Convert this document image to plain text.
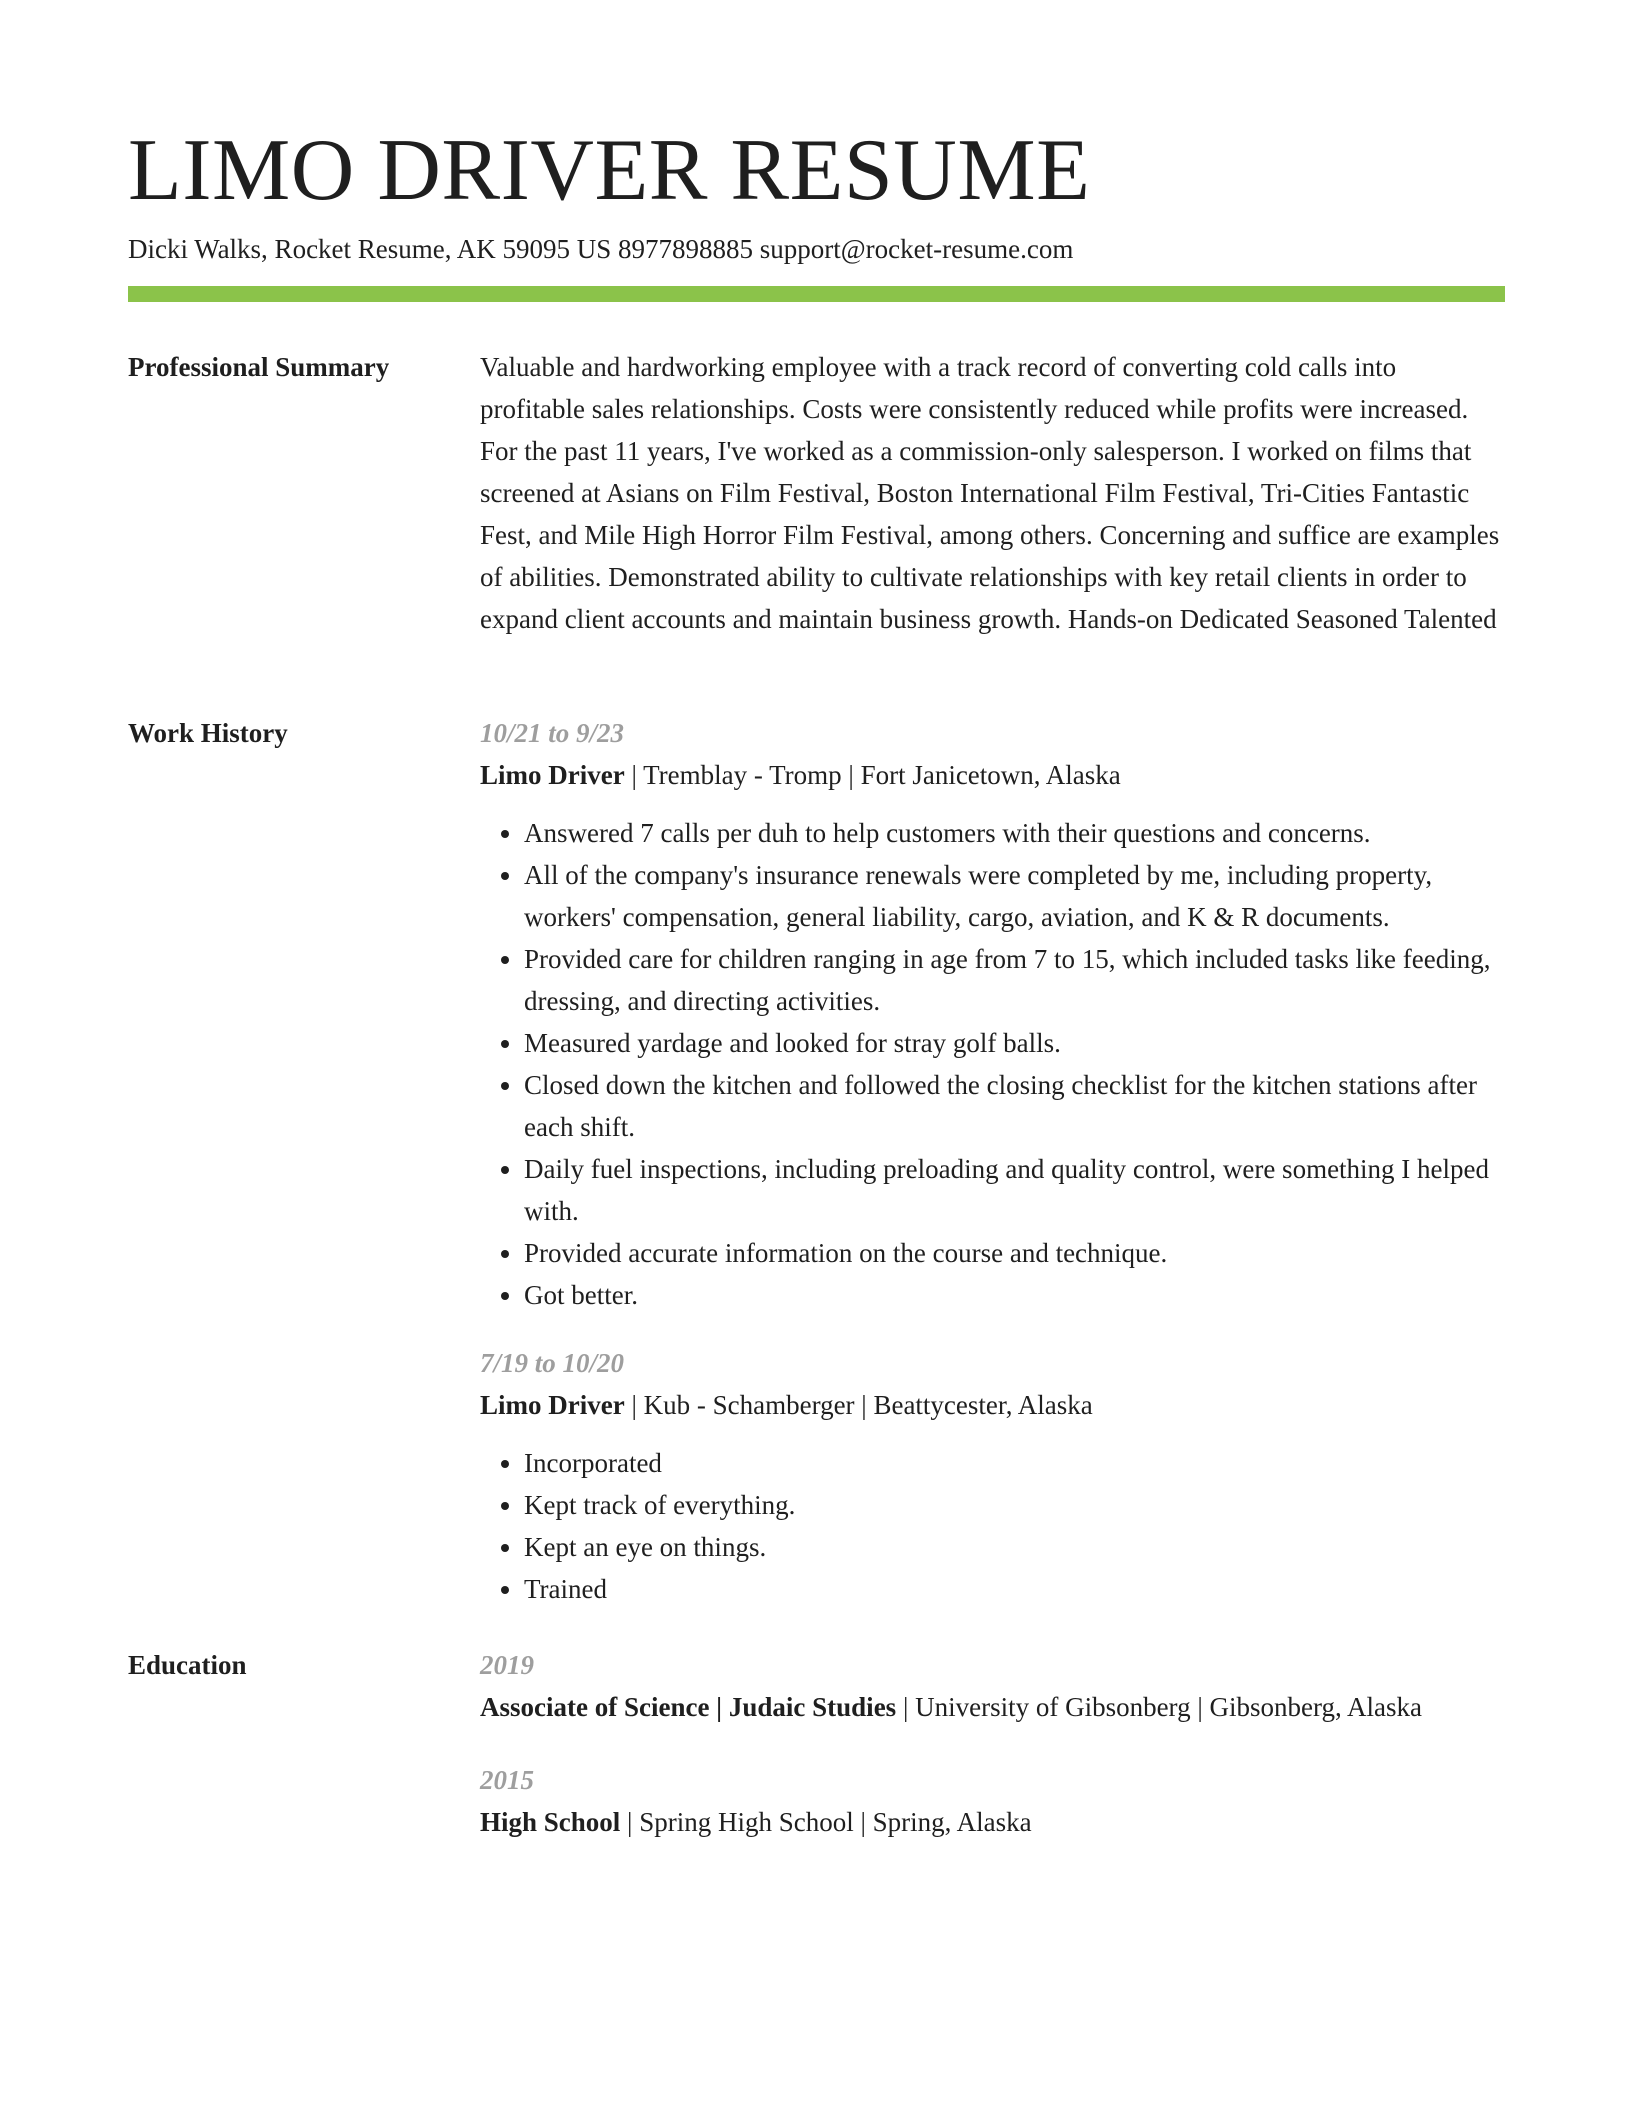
LIMO DRIVER RESUME
Dicki Walks, Rocket Resume, AK 59095 US 8977898885 support@rocket-resume.com
Professional Summary	Valuable and hardworking employee with a track record of converting cold calls into profitable sales relationships. Costs were consistently reduced while profits were increased. For the past 11 years, I've worked as a commission-only salesperson. I worked on films that screened at Asians on Film Festival, Boston International Film Festival, Tri-Cities Fantastic Fest, and Mile High Horror Film Festival, among others. Concerning and suffice are examples of abilities. Demonstrated ability to cultivate relationships with key retail clients in order to expand client accounts and maintain business growth. Hands-on Dedicated Seasoned Talented

Work History	10/21 to 9/23
Limo Driver | Tremblay - Tromp | Fort Janicetown, Alaska
• Answered 7 calls per duh to help customers with their questions and concerns.
• All of the company's insurance renewals were completed by me, including property, workers' compensation, general liability, cargo, aviation, and K & R documents.
• Provided care for children ranging in age from 7 to 15, which included tasks like feeding, dressing, and directing activities.
• Measured yardage and looked for stray golf balls.
• Closed down the kitchen and followed the closing checklist for the kitchen stations after each shift.
• Daily fuel inspections, including preloading and quality control, were something I helped with.
• Provided accurate information on the course and technique.
• Got better.
7/19 to 10/20
Limo Driver | Kub - Schamberger | Beattycester, Alaska
• Incorporated
• Kept track of everything.
• Kept an eye on things.
• Trained
Education	2019
Associate of Science | Judaic Studies | University of Gibsonberg | Gibsonberg, Alaska
2015
High School | Spring High School | Spring, Alaska
